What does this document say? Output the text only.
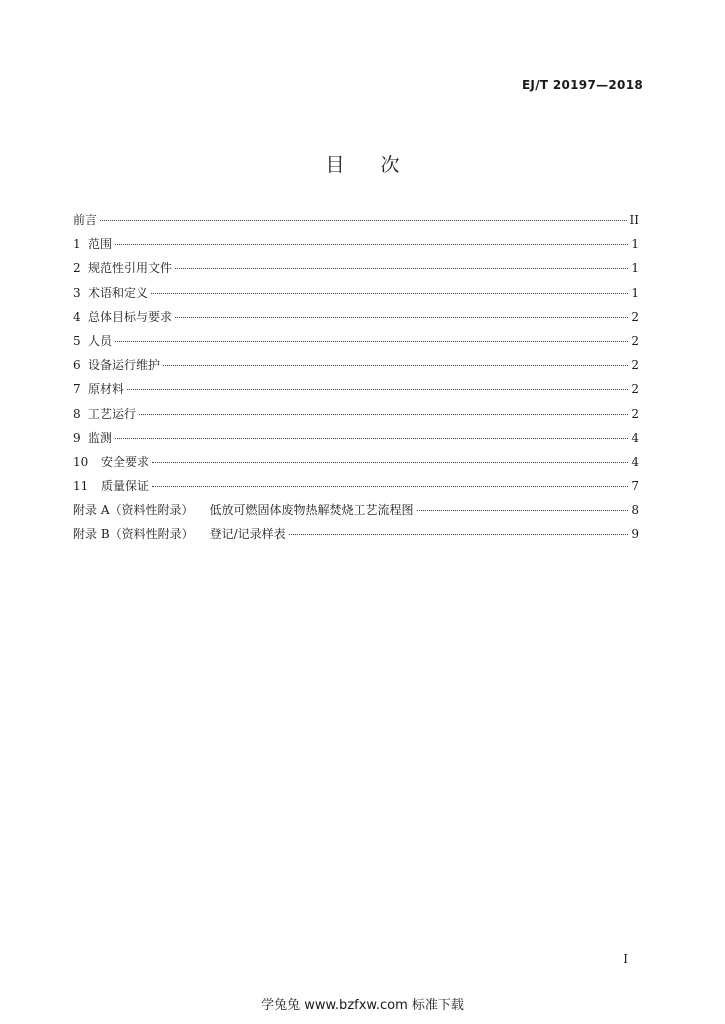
EJ/T 20197—2018
目次
前言	II
1 范围	1
2 规范性引用文件	1
3 术语和定义	1
4 总体目标与要求	2
5 人员	2
6 设备运行维护	2
7 原材料	2
8 工艺运行	2
9 监测	4
10	安全要求	4
11	质量保证	7
附录 A（资料性附录） 低放可燃固体废物热解焚烧工艺流程图	8
附录 B（资料性附录） 登记/记录样表	9
I
学兔兔 www.bzfxw.com 标准下载
